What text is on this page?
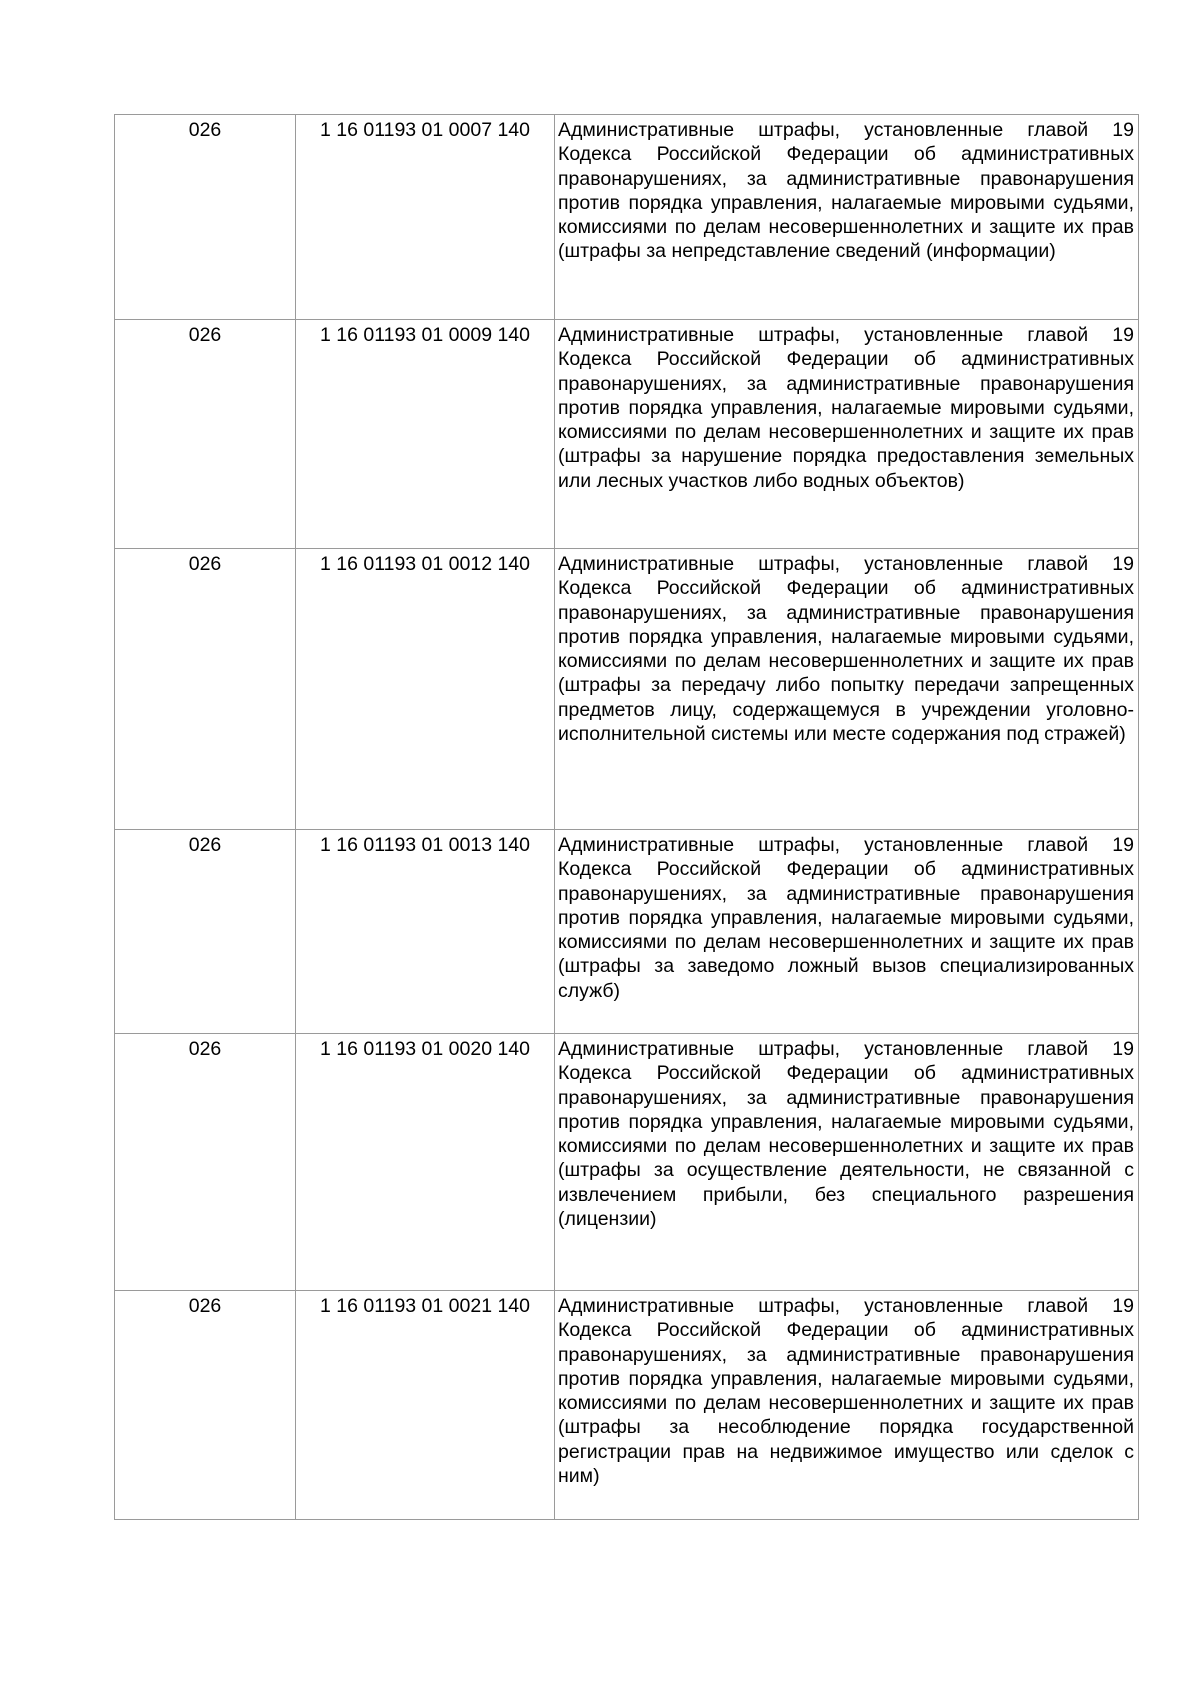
026	1 16 01193 01 0007 140	Административные штрафы, установленные главой 19 Кодекса Российской Федерации об административных правонарушениях, за административные правонарушения против порядка управления, налагаемые мировыми судьями, комиссиями по делам несовершеннолетних и защите их прав (штрафы за непредставление сведений (информации)
026	1 16 01193 01 0009 140	Административные штрафы, установленные главой 19 Кодекса Российской Федерации об административных правонарушениях, за административные правонарушения против порядка управления, налагаемые мировыми судьями, комиссиями по делам несовершеннолетних и защите их прав (штрафы за нарушение порядка предоставления земельных или лесных участков либо водных объектов)
026	1 16 01193 01 0012 140	Административные штрафы, установленные главой 19 Кодекса Российской Федерации об административных правонарушениях, за административные правонарушения против порядка управления, налагаемые мировыми судьями, комиссиями по делам несовершеннолетних и защите их прав (штрафы за передачу либо попытку передачи запрещенных предметов лицу, содержащемуся в учреждении уголовно-исполнительной системы или месте содержания под стражей)
026	1 16 01193 01 0013 140	Административные штрафы, установленные главой 19 Кодекса Российской Федерации об административных правонарушениях, за административные правонарушения против порядка управления, налагаемые мировыми судьями, комиссиями по делам несовершеннолетних и защите их прав (штрафы за заведомо ложный вызов специализированных служб)
026	1 16 01193 01 0020 140	Административные штрафы, установленные главой 19 Кодекса Российской Федерации об административных правонарушениях, за административные правонарушения против порядка управления, налагаемые мировыми судьями, комиссиями по делам несовершеннолетних и защите их прав (штрафы за осуществление деятельности, не связанной с извлечением прибыли, без специального разрешения (лицензии)
026	1 16 01193 01 0021 140	Административные штрафы, установленные главой 19 Кодекса Российской Федерации об административных правонарушениях, за административные правонарушения против порядка управления, налагаемые мировыми судьями, комиссиями по делам несовершеннолетних и защите их прав (штрафы за несоблюдение порядка государственной регистрации прав на недвижимое имущество или сделок с ним)
